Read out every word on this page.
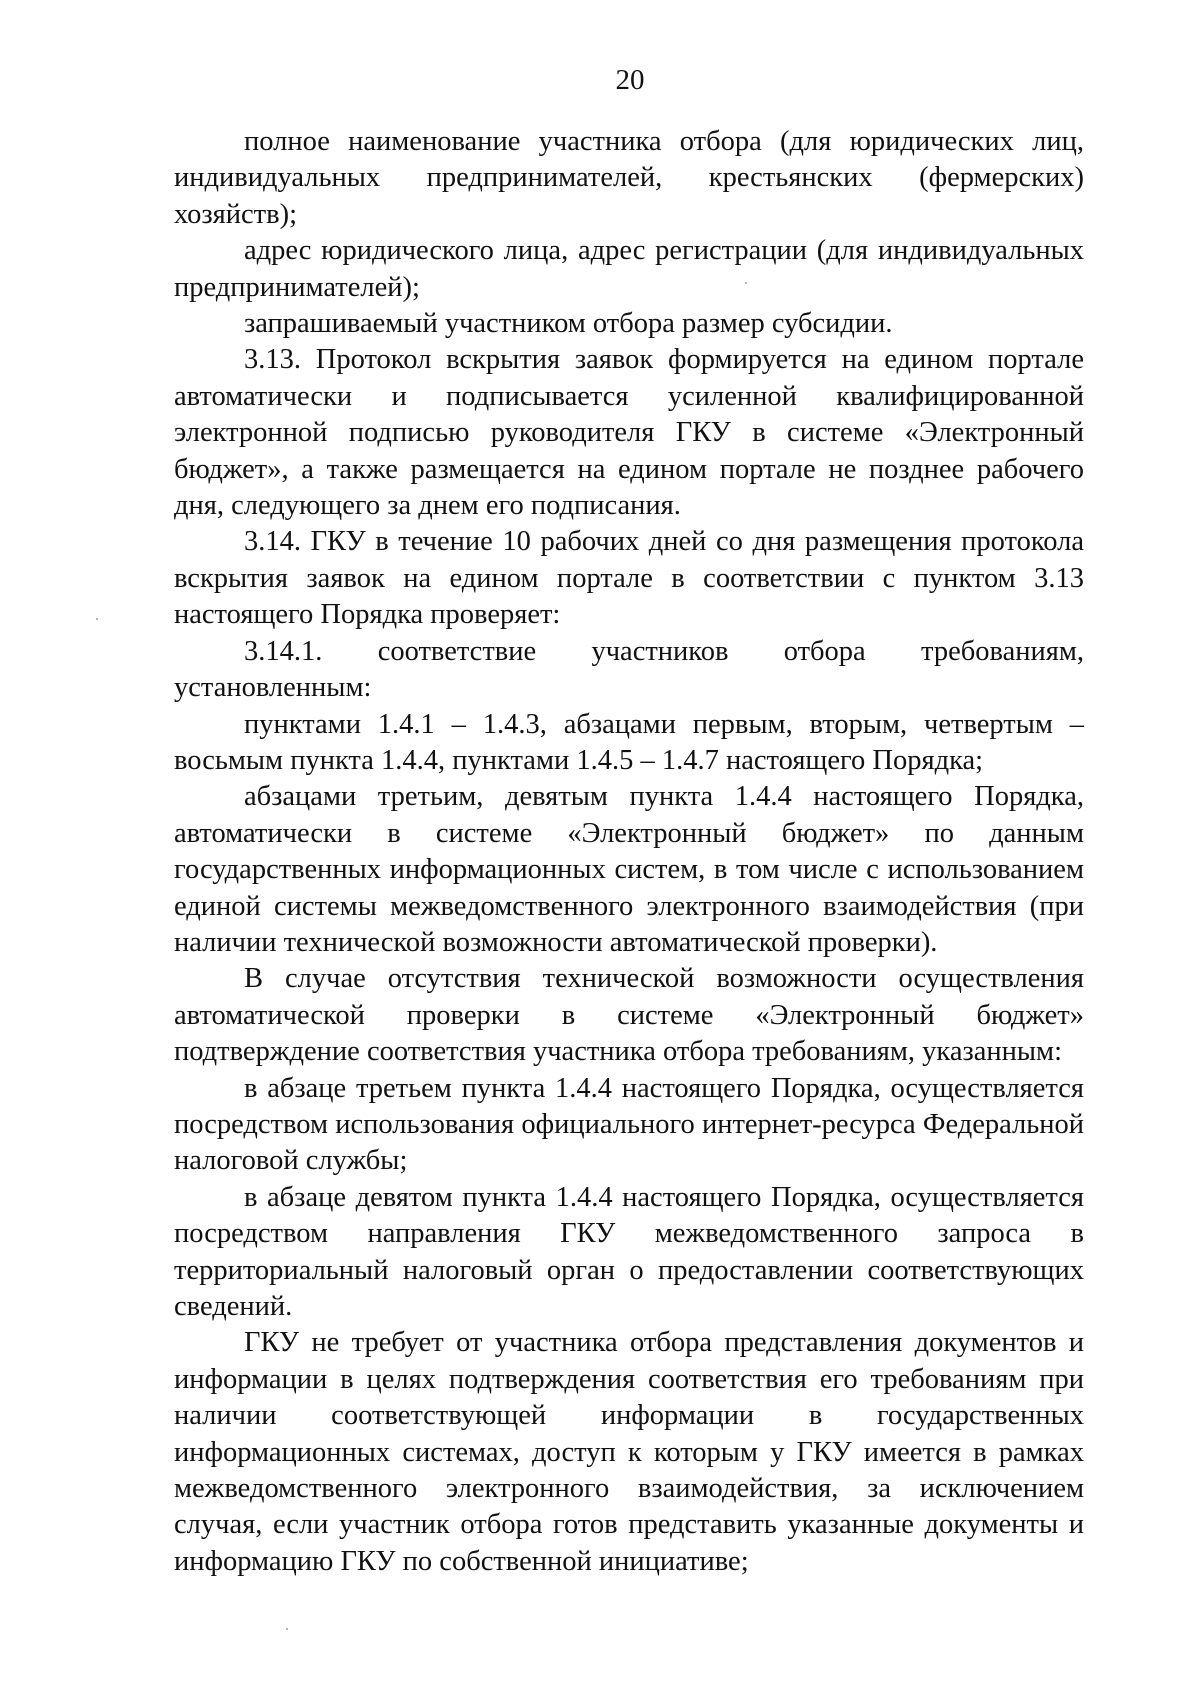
20

полное наименование участника отбора (для юридических лиц, индивидуальных предпринимателей, крестьянских (фермерских) хозяйств);

адрес юридического лица, адрес регистрации (для индивидуальных предпринимателей);

запрашиваемый участником отбора размер субсидии.

3.13. Протокол вскрытия заявок формируется на едином портале автоматически и подписывается усиленной квалифицированной электронной подписью руководителя ГКУ в системе «Электронный бюджет», а также размещается на едином портале не позднее рабочего дня, следующего за днем его подписания.

3.14. ГКУ в течение 10 рабочих дней со дня размещения протокола вскрытия заявок на едином портале в соответствии с пунктом 3.13 настоящего Порядка проверяет:

3.14.1. соответствие участников отбора требованиям, установленным:

пунктами 1.4.1 – 1.4.3, абзацами первым, вторым, четвертым – восьмым пункта 1.4.4, пунктами 1.4.5 – 1.4.7 настоящего Порядка;

абзацами третьим, девятым пункта 1.4.4 настоящего Порядка, автоматически в системе «Электронный бюджет» по данным государственных информационных систем, в том числе с использованием единой системы межведомственного электронного взаимодействия (при наличии технической возможности автоматической проверки).

В случае отсутствия технической возможности осуществления автоматической проверки в системе «Электронный бюджет» подтверждение соответствия участника отбора требованиям, указанным:

в абзаце третьем пункта 1.4.4 настоящего Порядка, осуществляется посредством использования официального интернет-ресурса Федеральной налоговой службы;

в абзаце девятом пункта 1.4.4 настоящего Порядка, осуществляется посредством направления ГКУ межведомственного запроса в территориальный налоговый орган о предоставлении соответствующих сведений.

ГКУ не требует от участника отбора представления документов и информации в целях подтверждения соответствия его требованиям при наличии соответствующей информации в государственных информационных системах, доступ к которым у ГКУ имеется в рамках межведомственного электронного взаимодействия, за исключением случая, если участник отбора готов представить указанные документы и информацию ГКУ по собственной инициативе;
